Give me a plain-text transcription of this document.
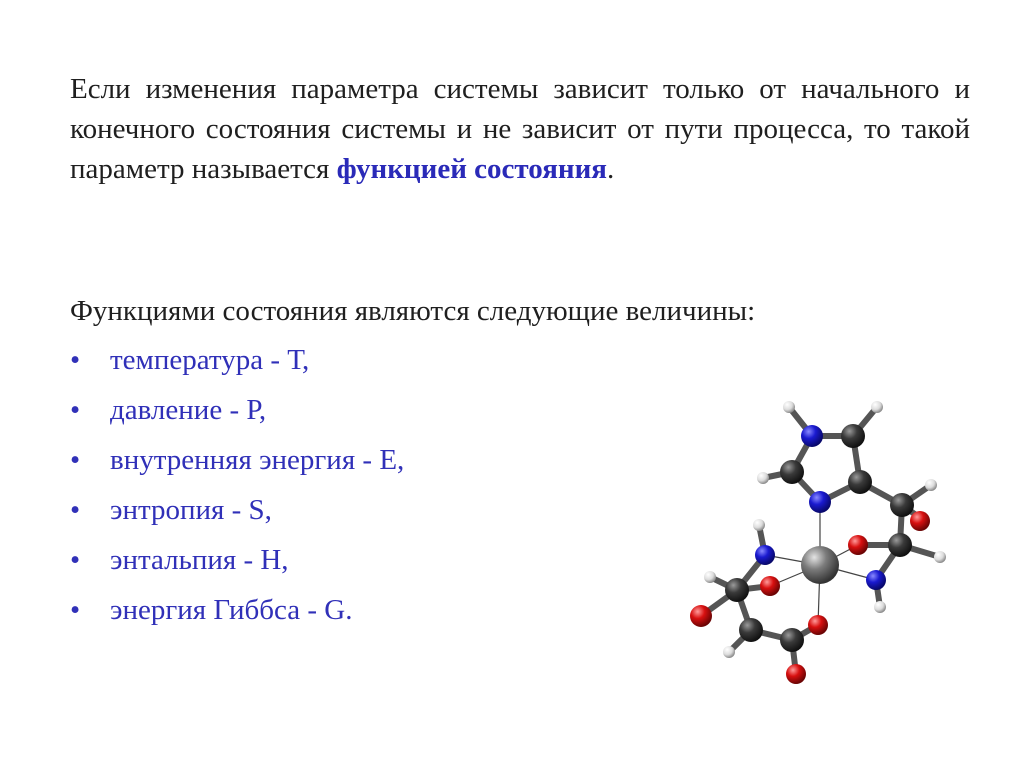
Если изменения параметра системы зависит только от начального и конечного состояния системы и не зависит от пути процесса, то такой параметр называется функцией состояния.

Функциями состояния являются следующие величины:

• температура - Т,
• давление - Р,
• внутренняя энергия - Е,
• энтропия - S,
• энтальпия - Н,
• энергия Гиббса - G.
